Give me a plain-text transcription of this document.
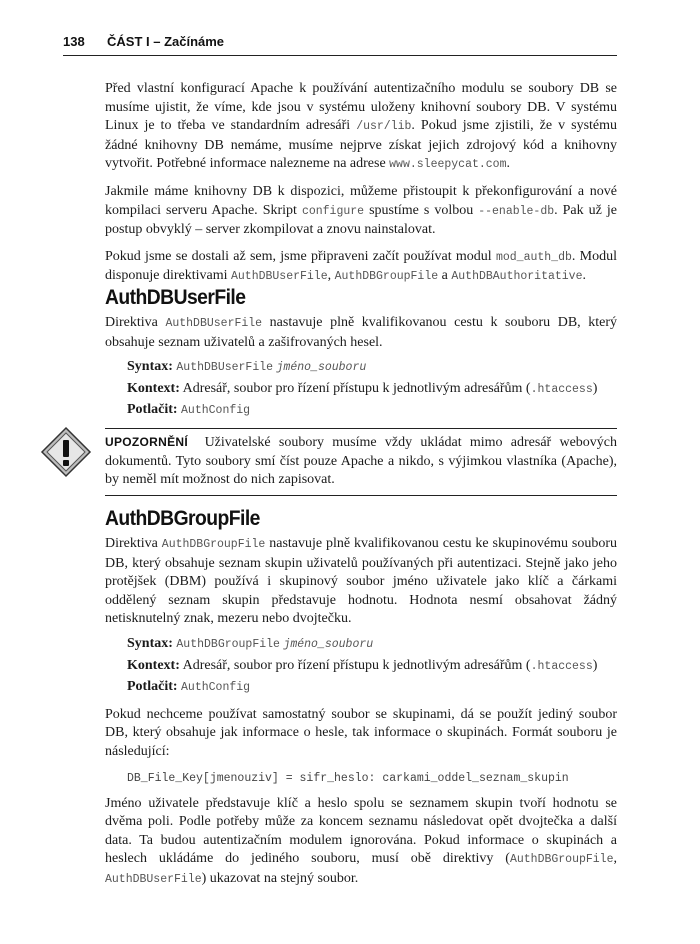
138 ČÁST I – Začínáme

Před vlastní konfigurací Apache k používání autentizačního modulu se soubory DB se musíme ujistit, že víme, kde jsou v systému uloženy knihovní soubory DB. V systému Linux je to třeba ve standardním adresáři /usr/lib. Pokud jsme zjistili, že v systému žádné knihovny DB nemáme, musíme nejprve získat jejich zdrojový kód a knihovny vytvořit. Potřebné informace nalezneme na adrese www.sleepycat.com.

Jakmile máme knihovny DB k dispozici, můžeme přistoupit k překonfigurování a nové kompilaci serveru Apache. Skript configure spustíme s volbou --enable-db. Pak už je postup obvyklý – server zkompilovat a znovu nainstalovat.

Pokud jsme se dostali až sem, jsme připraveni začít používat modul mod_auth_db. Modul disponuje direktivami AuthDBUserFile, AuthDBGroupFile a AuthDBAuthoritative.

AuthDBUserFile

Direktiva AuthDBUserFile nastavuje plně kvalifikovanou cestu k souboru DB, který obsahuje seznam uživatelů a zašifrovaných hesel.

Syntax: AuthDBUserFile jméno_souboru
Kontext: Adresář, soubor pro řízení přístupu k jednotlivým adresářům (.htaccess)
Potlačit: AuthConfig

UPOZORNĚNÍ Uživatelské soubory musíme vždy ukládat mimo adresář webových dokumentů. Tyto soubory smí číst pouze Apache a nikdo, s výjimkou vlastníka (Apache), by neměl mít možnost do nich zapisovat.

AuthDBGroupFile

Direktiva AuthDBGroupFile nastavuje plně kvalifikovanou cestu ke skupinovému souboru DB, který obsahuje seznam skupin uživatelů používaných při autentizaci. Stejně jako jeho protějšek (DBM) používá i skupinový soubor jméno uživatele jako klíč a čárkami oddělený seznam skupin představuje hodnotu. Hodnota nesmí obsahovat žádný netisknutelný znak, mezeru nebo dvojtečku.

Syntax: AuthDBGroupFile jméno_souboru
Kontext: Adresář, soubor pro řízení přístupu k jednotlivým adresářům (.htaccess)
Potlačit: AuthConfig

Pokud nechceme používat samostatný soubor se skupinami, dá se použít jediný soubor DB, který obsahuje jak informace o hesle, tak informace o skupinách. Formát souboru je následující:

DB_File_Key[jmenouziv] = sifr_heslo: carkami_oddel_seznam_skupin

Jméno uživatele představuje klíč a heslo spolu se seznamem skupin tvoří hodnotu se dvěma poli. Podle potřeby může za koncem seznamu následovat opět dvojtečka a další data. Ta budou autentizačním modulem ignorována. Pokud informace o skupinách a heslech ukládáme do jediného souboru, musí obě direktivy (AuthDBGroupFile, AuthDBUserFile) ukazovat na stejný soubor.
